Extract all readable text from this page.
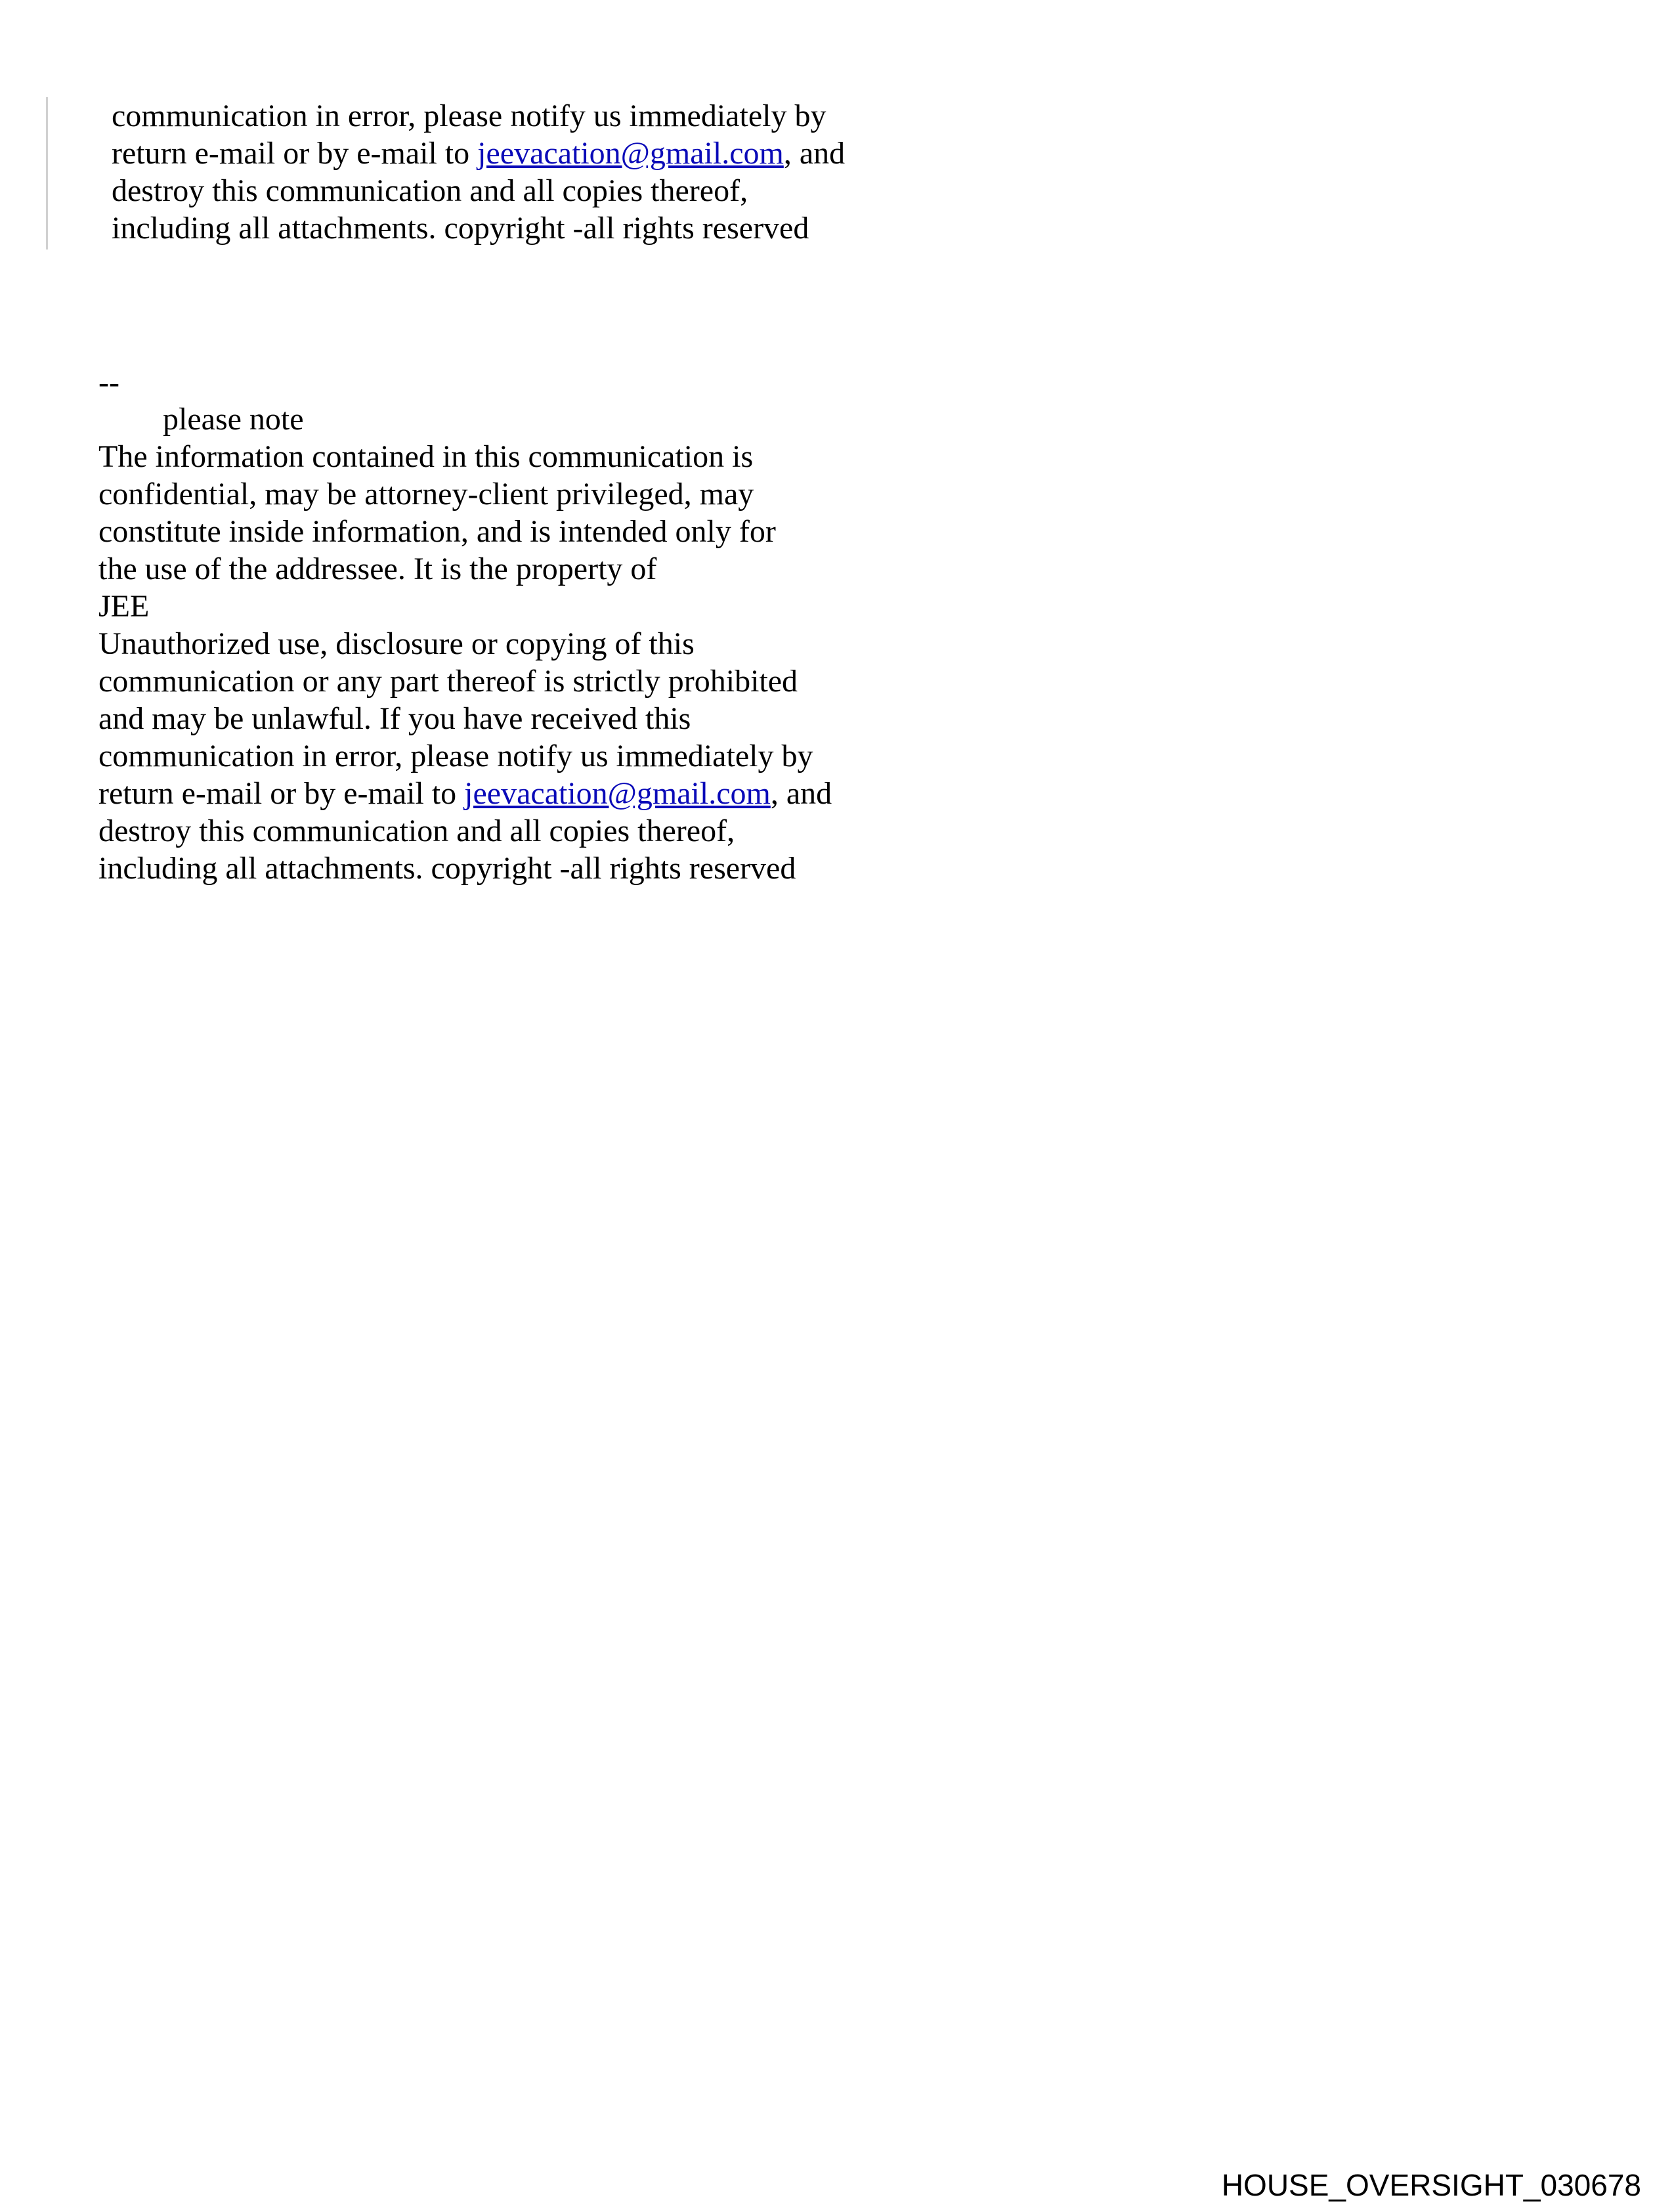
communication in error, please notify us immediately by
return e-mail or by e-mail to jeevacation@gmail.com, and
destroy this communication and all copies thereof,
including all attachments. copyright -all rights reserved
--
please note
The information contained in this communication is
confidential, may be attorney-client privileged, may
constitute inside information, and is intended only for
the use of the addressee. It is the property of
JEE
Unauthorized use, disclosure or copying of this
communication or any part thereof is strictly prohibited
and may be unlawful. If you have received this
communication in error, please notify us immediately by
return e-mail or by e-mail to jeevacation@gmail.com, and
destroy this communication and all copies thereof,
including all attachments. copyright -all rights reserved
HOUSE_OVERSIGHT_030678
